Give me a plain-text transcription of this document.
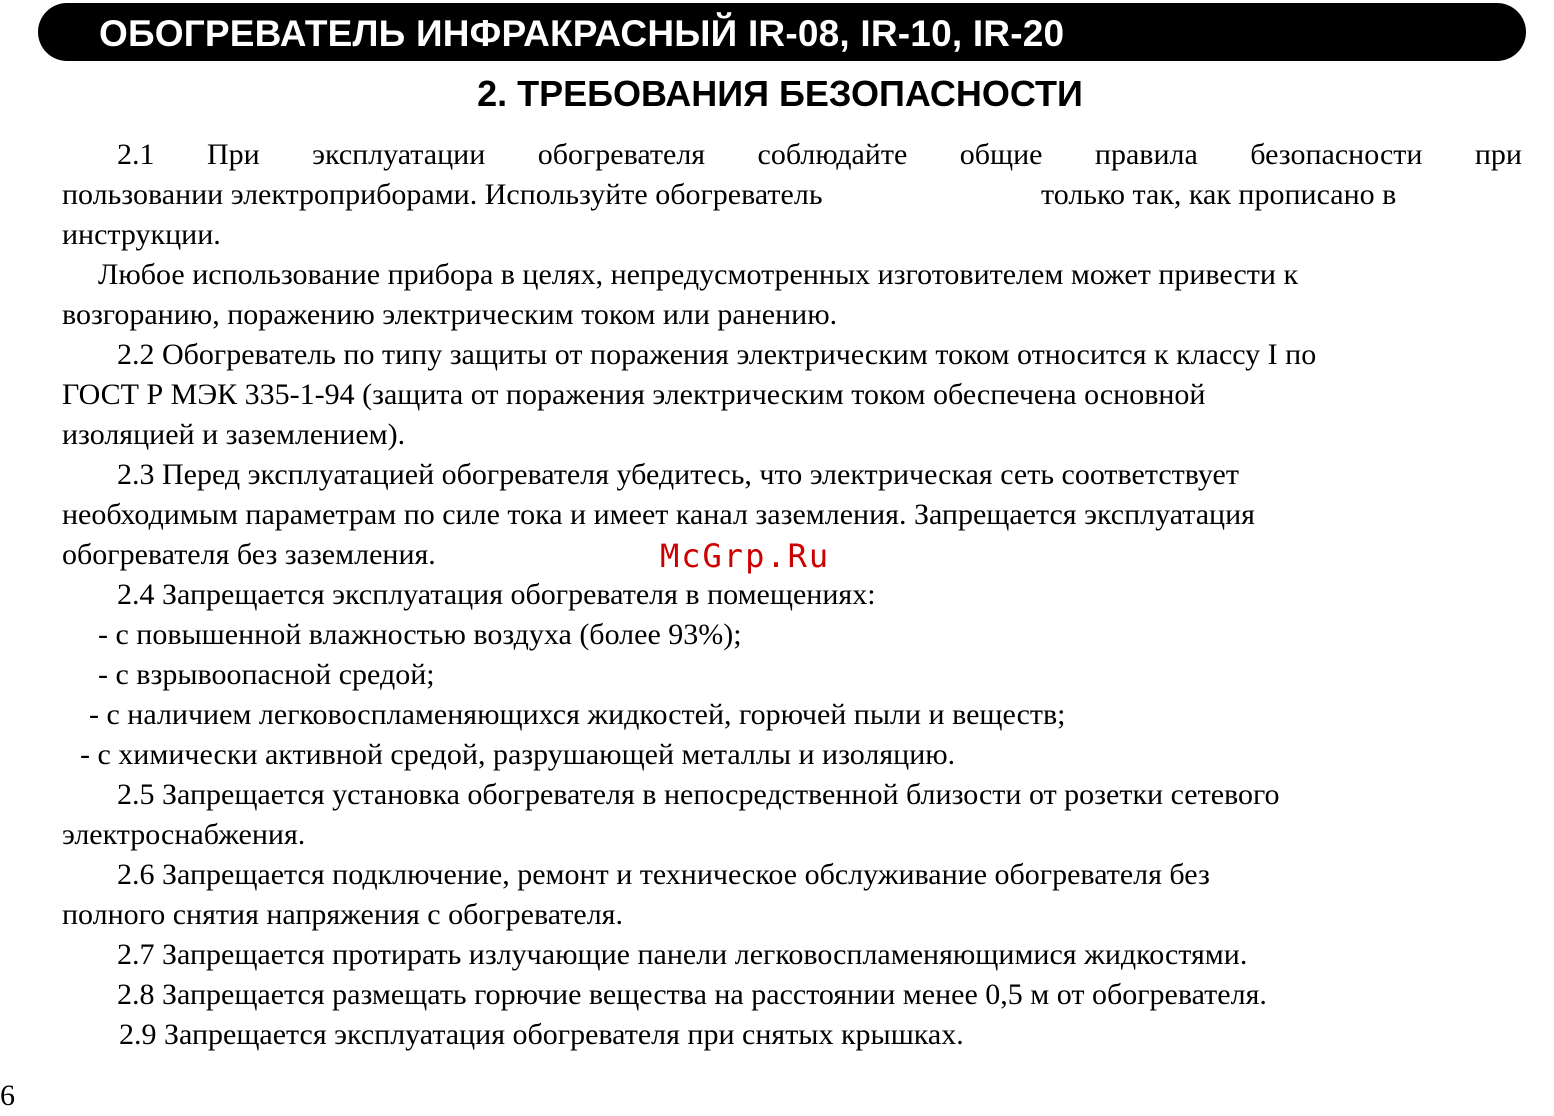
ОБОГРЕВАТЕЛЬ ИНФРАКРАСНЫЙ IR-08, IR-10, IR-20
2. ТРЕБОВАНИЯ БЕЗОПАСНОСТИ
2.1 При эксплуатации обогревателя соблюдайте общие правила безопасности при
пользовании электроприборами. Используйте обогреватель	только так, как прописано в
инструкции.
Любое использование прибора в целях, непредусмотренных изготовителем может привести к
возгоранию, поражению электрическим током или ранению.
2.2 Обогреватель по типу защиты от поражения электрическим током относится к классу I по
ГОСТ Р МЭК 335-1-94 (защита от поражения электрическим током обеспечена основной
изоляцией и заземлением).
2.3 Перед эксплуатацией обогревателя убедитесь, что электрическая сеть соответствует
необходимым параметрам по силе тока и имеет канал заземления. Запрещается эксплуатация
обогревателя без заземления.	McGrp.Ru
2.4 Запрещается эксплуатация обогревателя в помещениях:
- с повышенной влажностью воздуха (более 93%);
- с взрывоопасной средой;
- с наличием легковоспламеняющихся жидкостей, горючей пыли и веществ;
- с химически активной средой, разрушающей металлы и изоляцию.
2.5 Запрещается установка обогревателя в непосредственной близости от розетки сетевого
электроснабжения.
2.6 Запрещается подключение, ремонт и техническое обслуживание обогревателя без
полного снятия напряжения с обогревателя.
2.7 Запрещается протирать излучающие панели легковоспламеняющимися жидкостями.
2.8 Запрещается размещать горючие вещества на расстоянии менее 0,5 м от обогревателя.
2.9 Запрещается эксплуатация обогревателя при снятых крышках.
6
